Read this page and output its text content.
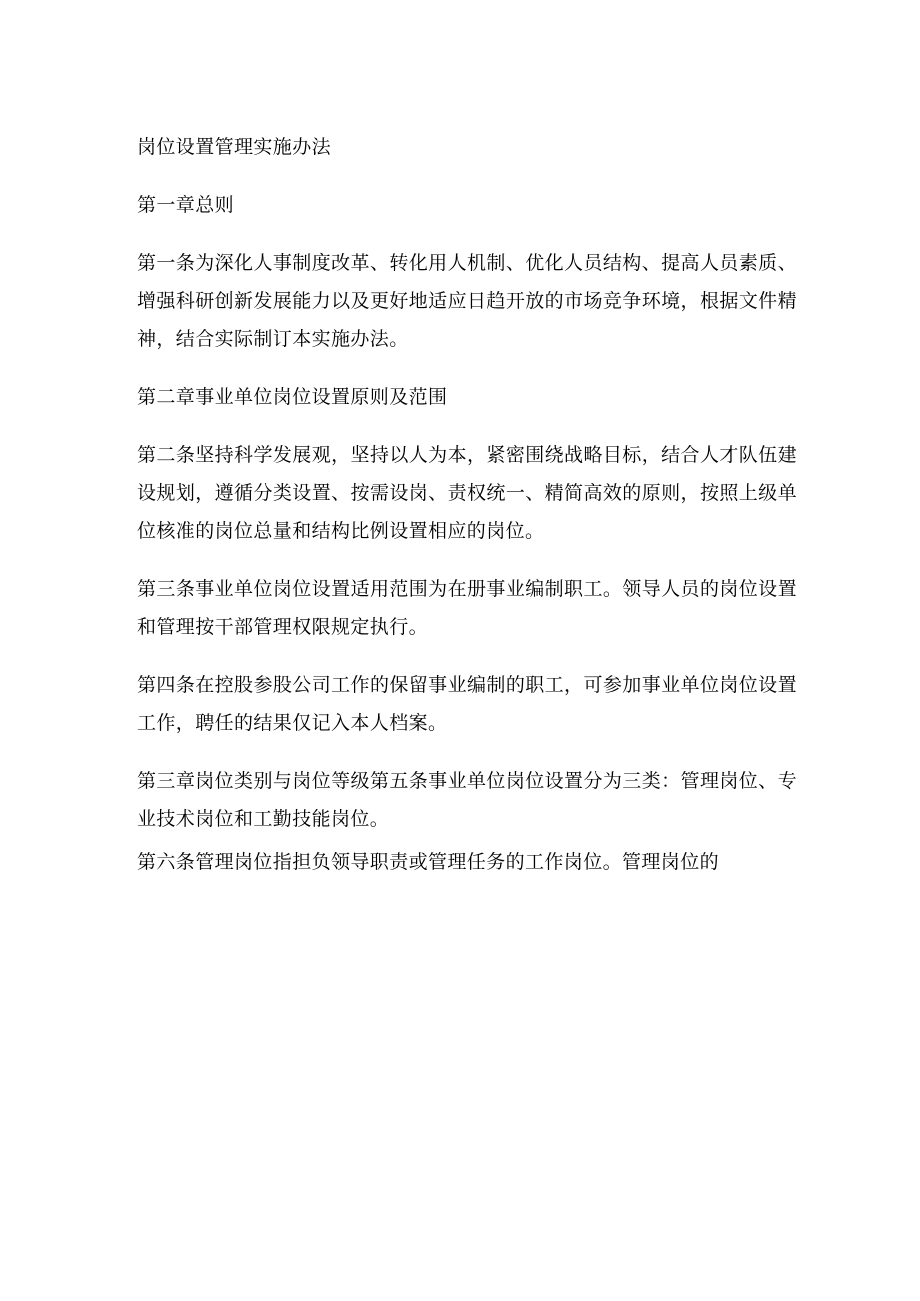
岗位设置管理实施办法

第一章总则

第一条为深化人事制度改革、转化用人机制、优化人员结构、提高人员素质、增强科研创新发展能力以及更好地适应日趋开放的市场竞争环境，根据文件精神，结合实际制订本实施办法。

第二章事业单位岗位设置原则及范围

第二条坚持科学发展观，坚持以人为本，紧密围绕战略目标，结合人才队伍建设规划，遵循分类设置、按需设岗、责权统一、精简高效的原则，按照上级单位核准的岗位总量和结构比例设置相应的岗位。

第三条事业单位岗位设置适用范围为在册事业编制职工。领导人员的岗位设置和管理按干部管理权限规定执行。

第四条在控股参股公司工作的保留事业编制的职工，可参加事业单位岗位设置工作，聘任的结果仅记入本人档案。

第三章岗位类别与岗位等级第五条事业单位岗位设置分为三类：管理岗位、专业技术岗位和工勤技能岗位。

第六条管理岗位指担负领导职责或管理任务的工作岗位。管理岗位的
